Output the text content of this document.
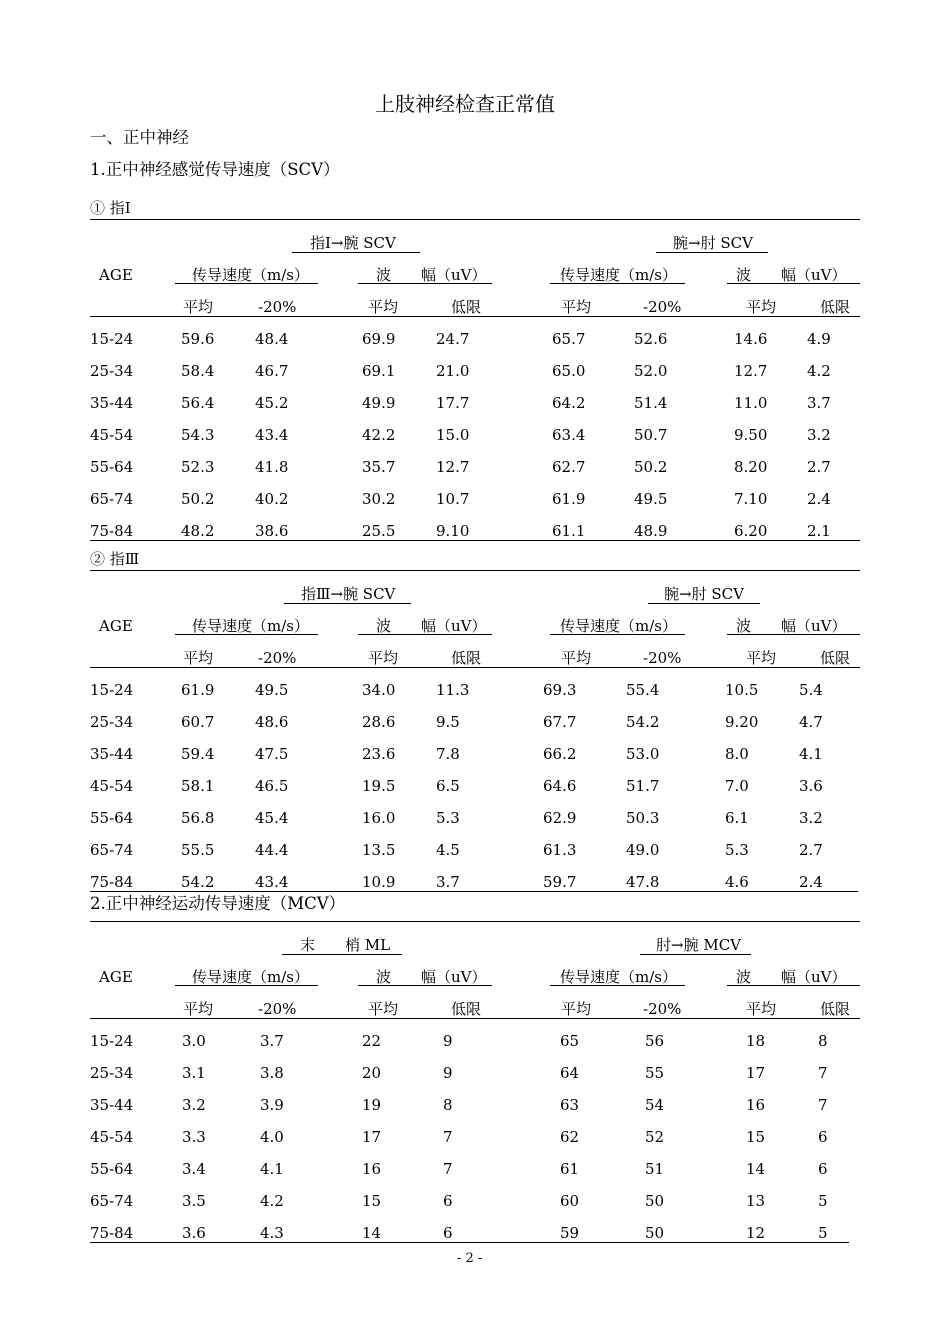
上肢神经检查正常值
一、正中神经
1.正中神经感觉传导速度（SCV）
① 指Ⅰ
指Ⅰ→腕 SCV	腕→肘 SCV
AGE	传导速度（m/s）	波　　幅（uV）	传导速度（m/s）	波　　幅（uV）
平均	-20%	平均	低限	平均	-20%	平均	低限
15-24	59.6	48.4	69.9	24.7	65.7	52.6	14.6	4.9
25-34	58.4	46.7	69.1	21.0	65.0	52.0	12.7	4.2
35-44	56.4	45.2	49.9	17.7	64.2	51.4	11.0	3.7
45-54	54.3	43.4	42.2	15.0	63.4	50.7	9.50	3.2
55-64	52.3	41.8	35.7	12.7	62.7	50.2	8.20	2.7
65-74	50.2	40.2	30.2	10.7	61.9	49.5	7.10	2.4
75-84	48.2	38.6	25.5	9.10	61.1	48.9	6.20	2.1
② 指Ⅲ
指Ⅲ→腕 SCV	腕→肘 SCV
AGE	传导速度（m/s）	波　　幅（uV）	传导速度（m/s）	波　　幅（uV）
平均	-20%	平均	低限	平均	-20%	平均	低限
15-24	61.9	49.5	34.0	11.3	69.3	55.4	10.5	5.4
25-34	60.7	48.6	28.6	9.5	67.7	54.2	9.20	4.7
35-44	59.4	47.5	23.6	7.8	66.2	53.0	8.0	4.1
45-54	58.1	46.5	19.5	6.5	64.6	51.7	7.0	3.6
55-64	56.8	45.4	16.0	5.3	62.9	50.3	6.1	3.2
65-74	55.5	44.4	13.5	4.5	61.3	49.0	5.3	2.7
75-84	54.2	43.4	10.9	3.7	59.7	47.8	4.6	2.4
2.正中神经运动传导速度（MCV）
末　　梢 ML	肘→腕 MCV
AGE	传导速度（m/s）	波　　幅（uV）	传导速度（m/s）	波　　幅（uV）
平均	-20%	平均	低限	平均	-20%	平均	低限
15-24	3.0	3.7	22	9	65	56	18	8
25-34	3.1	3.8	20	9	64	55	17	7
35-44	3.2	3.9	19	8	63	54	16	7
45-54	3.3	4.0	17	7	62	52	15	6
55-64	3.4	4.1	16	7	61	51	14	6
65-74	3.5	4.2	15	6	60	50	13	5
75-84	3.6	4.3	14	6	59	50	12	5
- 2 -
